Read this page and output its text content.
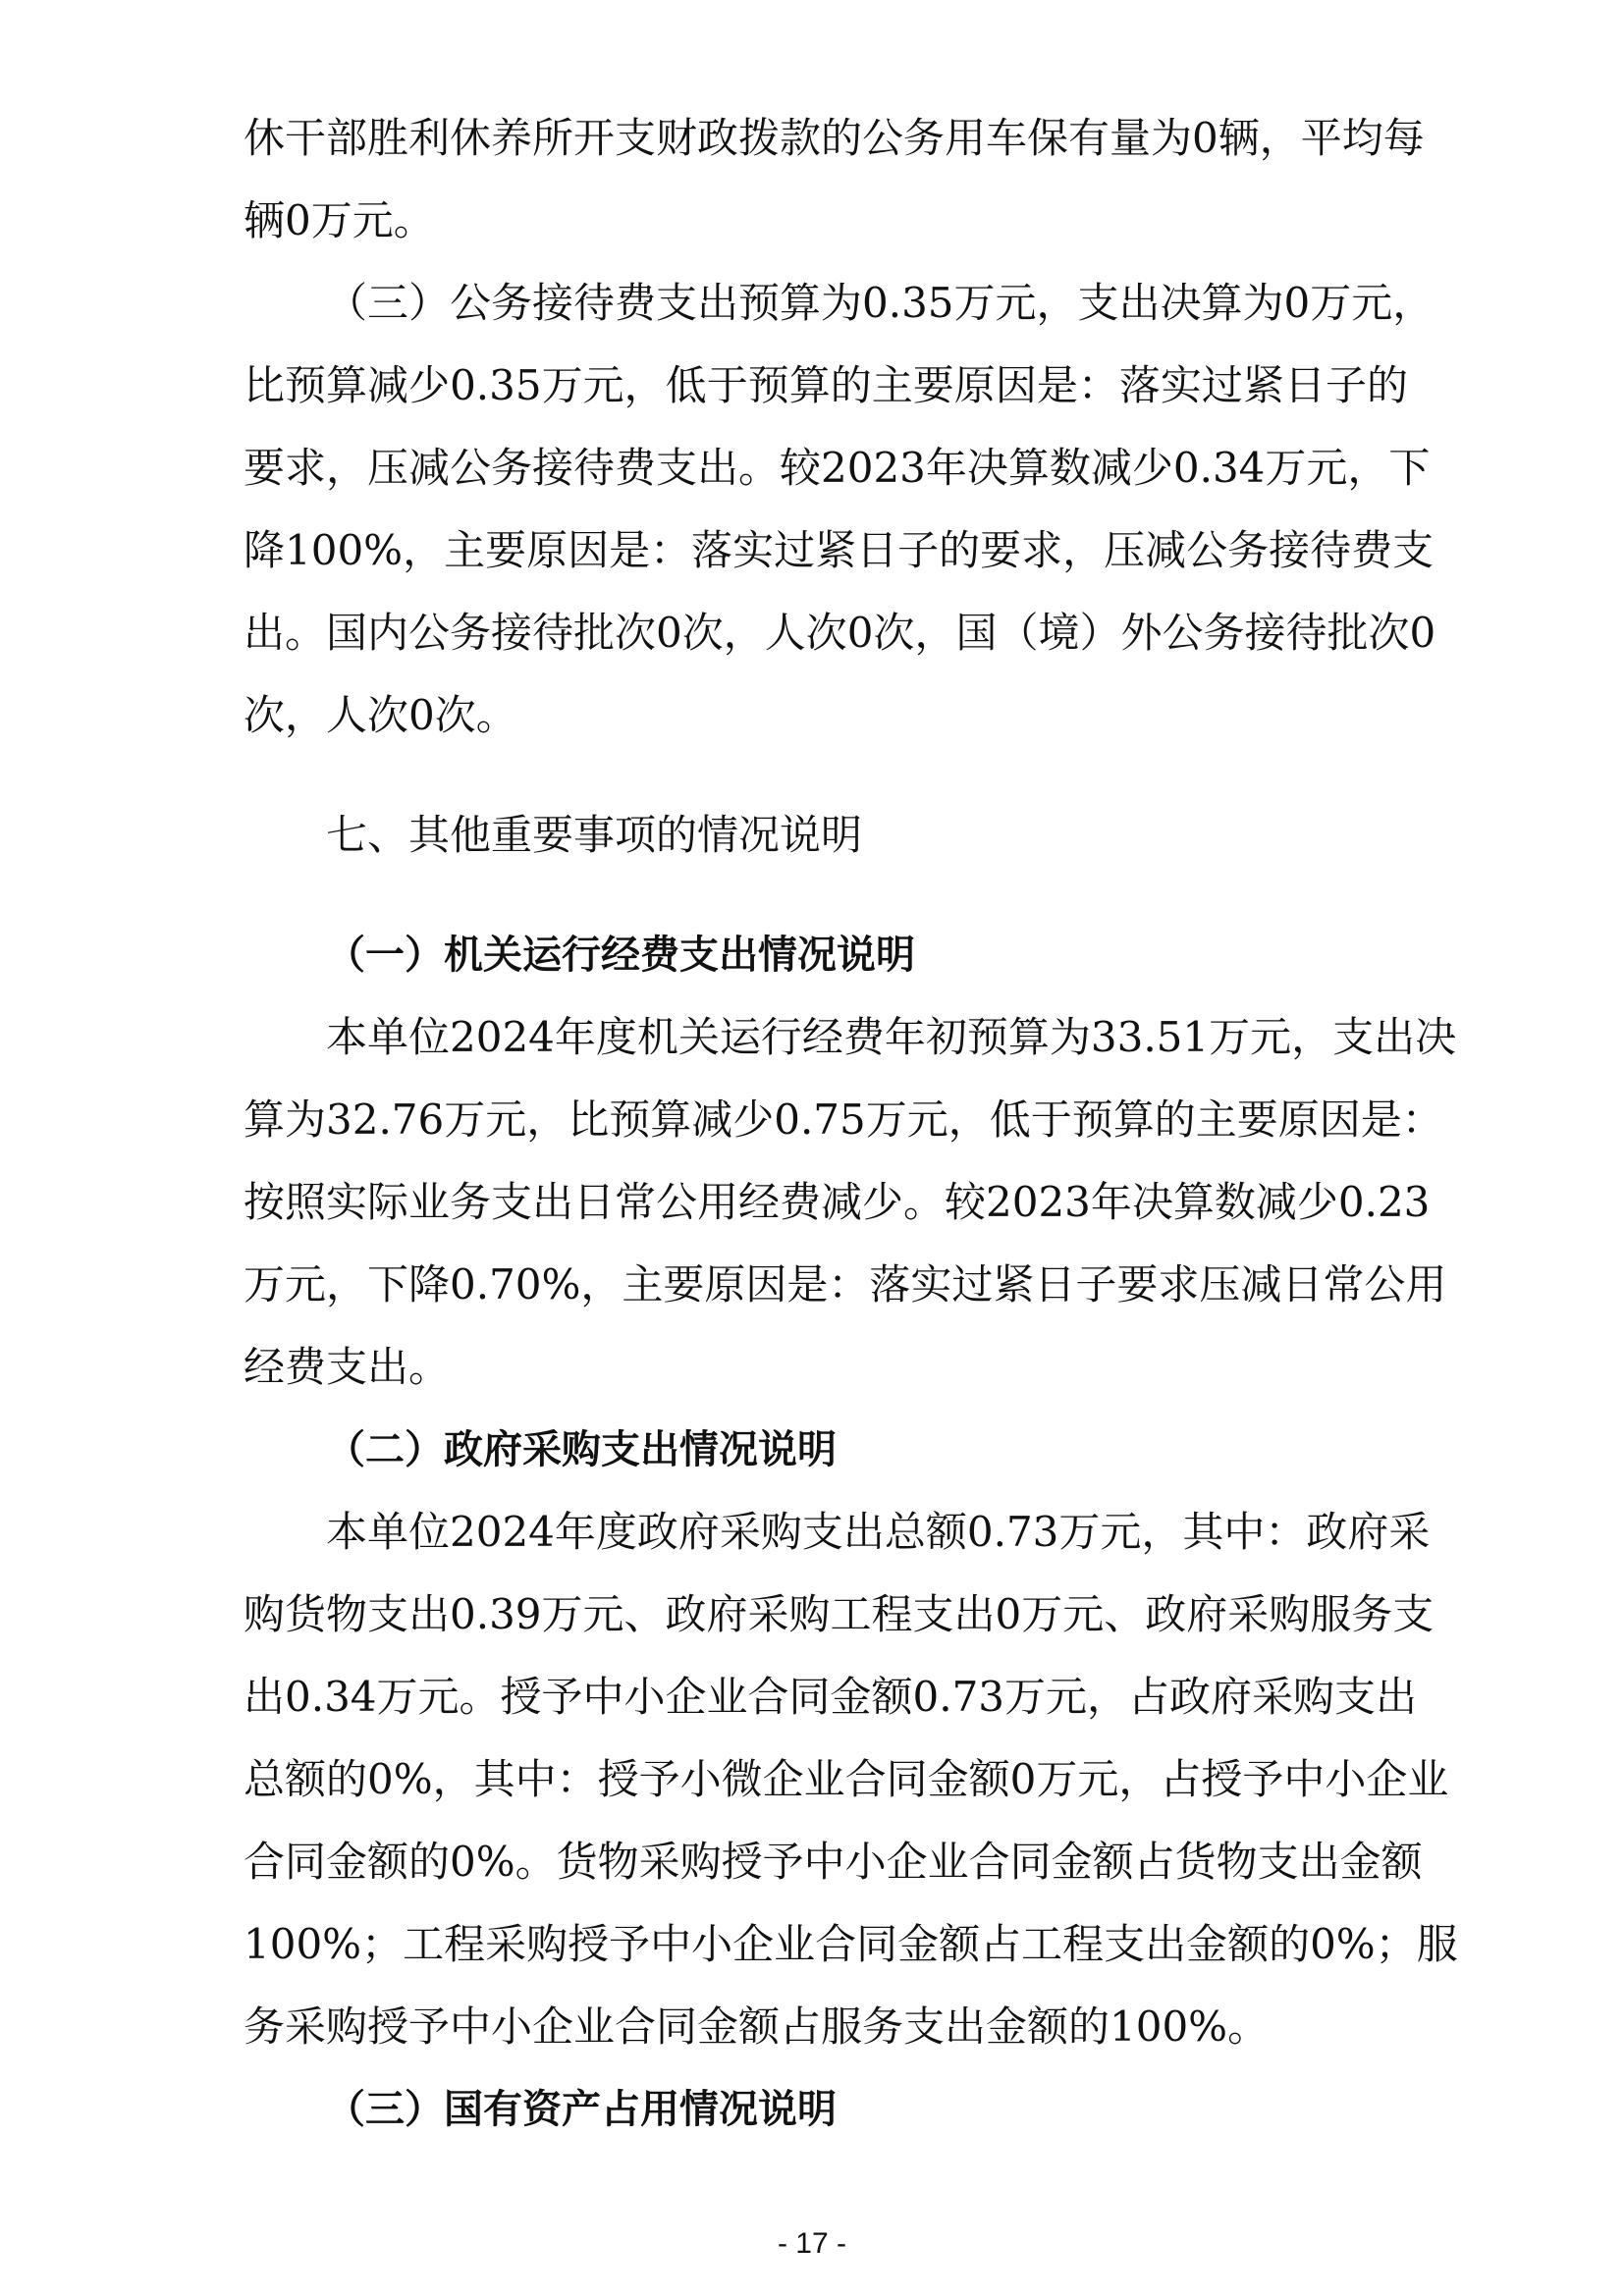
休干部胜利休养所开支财政拨款的公务用车保有量为0辆，平均每
辆0万元。
（三）公务接待费支出预算为0.35万元，支出决算为0万元，
比预算减少0.35万元，低于预算的主要原因是：落实过紧日子的
要求，压减公务接待费支出。较2023年决算数减少0.34万元，下
降100%，主要原因是：落实过紧日子的要求，压减公务接待费支
出。国内公务接待批次0次，人次0次，国（境）外公务接待批次0
次，人次0次。
七、其他重要事项的情况说明
（一）机关运行经费支出情况说明
本单位2024年度机关运行经费年初预算为33.51万元，支出决
算为32.76万元，比预算减少0.75万元，低于预算的主要原因是：
按照实际业务支出日常公用经费减少。较2023年决算数减少0.23
万元，下降0.70%，主要原因是：落实过紧日子要求压减日常公用
经费支出。
（二）政府采购支出情况说明
本单位2024年度政府采购支出总额0.73万元，其中：政府采
购货物支出0.39万元、政府采购工程支出0万元、政府采购服务支
出0.34万元。授予中小企业合同金额0.73万元，占政府采购支出
总额的0%，其中：授予小微企业合同金额0万元，占授予中小企业
合同金额的0%。货物采购授予中小企业合同金额占货物支出金额
100%；工程采购授予中小企业合同金额占工程支出金额的0%；服
务采购授予中小企业合同金额占服务支出金额的100%。
（三）国有资产占用情况说明
- 17 -
